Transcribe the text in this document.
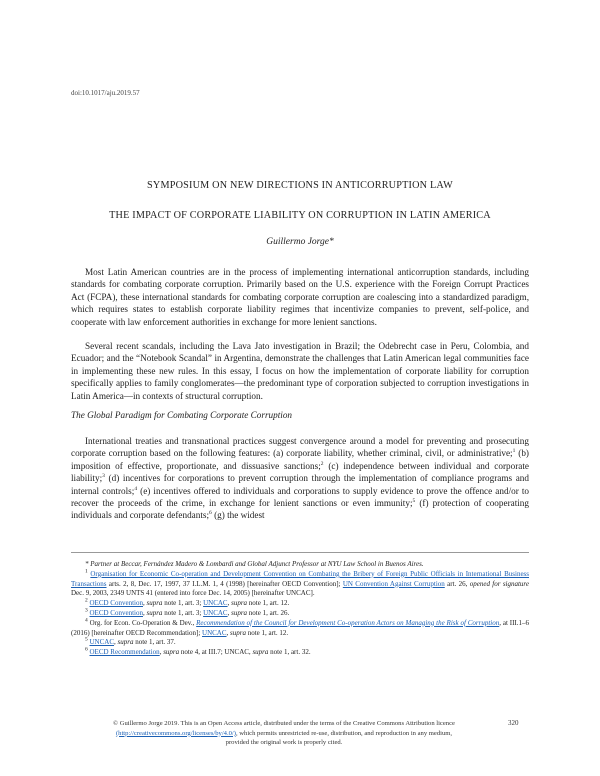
doi:10.1017/aju.2019.57
SYMPOSIUM ON NEW DIRECTIONS IN ANTICORRUPTION LAW
THE IMPACT OF CORPORATE LIABILITY ON CORRUPTION IN LATIN AMERICA
Guillermo Jorge*

Most Latin American countries are in the process of implementing international anticorruption standards, including standards for combating corporate corruption. Primarily based on the U.S. experience with the Foreign Corrupt Practices Act (FCPA), these international standards for combating corporate corruption are coalescing into a standardized paradigm, which requires states to establish corporate liability regimes that incentivize companies to prevent, self-police, and cooperate with law enforcement authorities in exchange for more lenient sanctions.

Several recent scandals, including the Lava Jato investigation in Brazil; the Odebrecht case in Peru, Colombia, and Ecuador; and the “Notebook Scandal” in Argentina, demonstrate the challenges that Latin American legal communities face in implementing these new rules. In this essay, I focus on how the implementation of corporate liability for corruption specifically applies to family conglomerates—the predominant type of corporation subjected to corruption investigations in Latin America—in contexts of structural corruption.

The Global Paradigm for Combating Corporate Corruption

International treaties and transnational practices suggest convergence around a model for preventing and prosecuting corporate corruption based on the following features: (a) corporate liability, whether criminal, civil, or administrative;$^1$ (b) imposition of effective, proportionate, and dissuasive sanctions;$^2$ (c) independence between individual and corporate liability;$^3$ (d) incentives for corporations to prevent corruption through the implementation of compliance programs and internal controls;$^4$ (e) incentives offered to individuals and corporations to supply evidence to prove the offence and/or to recover the proceeds of the crime, in exchange for lenient sanctions or even immunity;$^5$ (f) protection of cooperating individuals and corporate defendants;$^6$ (g) the widest

* Partner at Beccar, Fernández Madero & Lombardi and Global Adjunct Professor at NYU Law School in Buenos Aires.

$^1$ Organisation for Economic Co-operation and Development Convention on Combating the Bribery of Foreign Public Officials in International Business Transactions arts. 2, 8, Dec. 17, 1997, 37 I.L.M. 1, 4 (1998) [hereinafter OECD Convention]; UN Convention Against Corruption art. 26, opened for signature Dec. 9, 2003, 2349 UNTS 41 (entered into force Dec. 14, 2005) [hereinafter UNCAC].

$^2$ OECD Convention, supra note 1, art. 3; UNCAC, supra note 1, art. 12.

$^3$ OECD Convention, supra note 1, art. 3; UNCAC, supra note 1, art. 26.

$^4$ Org. for Econ. Co-Operation & Dev., Recommendation of the Council for Development Co-operation Actors on Managing the Risk of Corruption, at III.1–6 (2016) [hereinafter OECD Recommendation]; UNCAC, supra note 1, art. 12.

$^5$ UNCAC, supra note 1, art. 37.

$^6$ OECD Recommendation, supra note 4, at III.7; UNCAC, supra note 1, art. 32.

© Guillermo Jorge 2019. This is an Open Access article, distributed under the terms of the Creative Commons Attribution licence
(http://creativecommons.org/licenses/by/4.0/), which permits unrestricted re-use, distribution, and reproduction in any medium,
provided the original work is properly cited.
320
